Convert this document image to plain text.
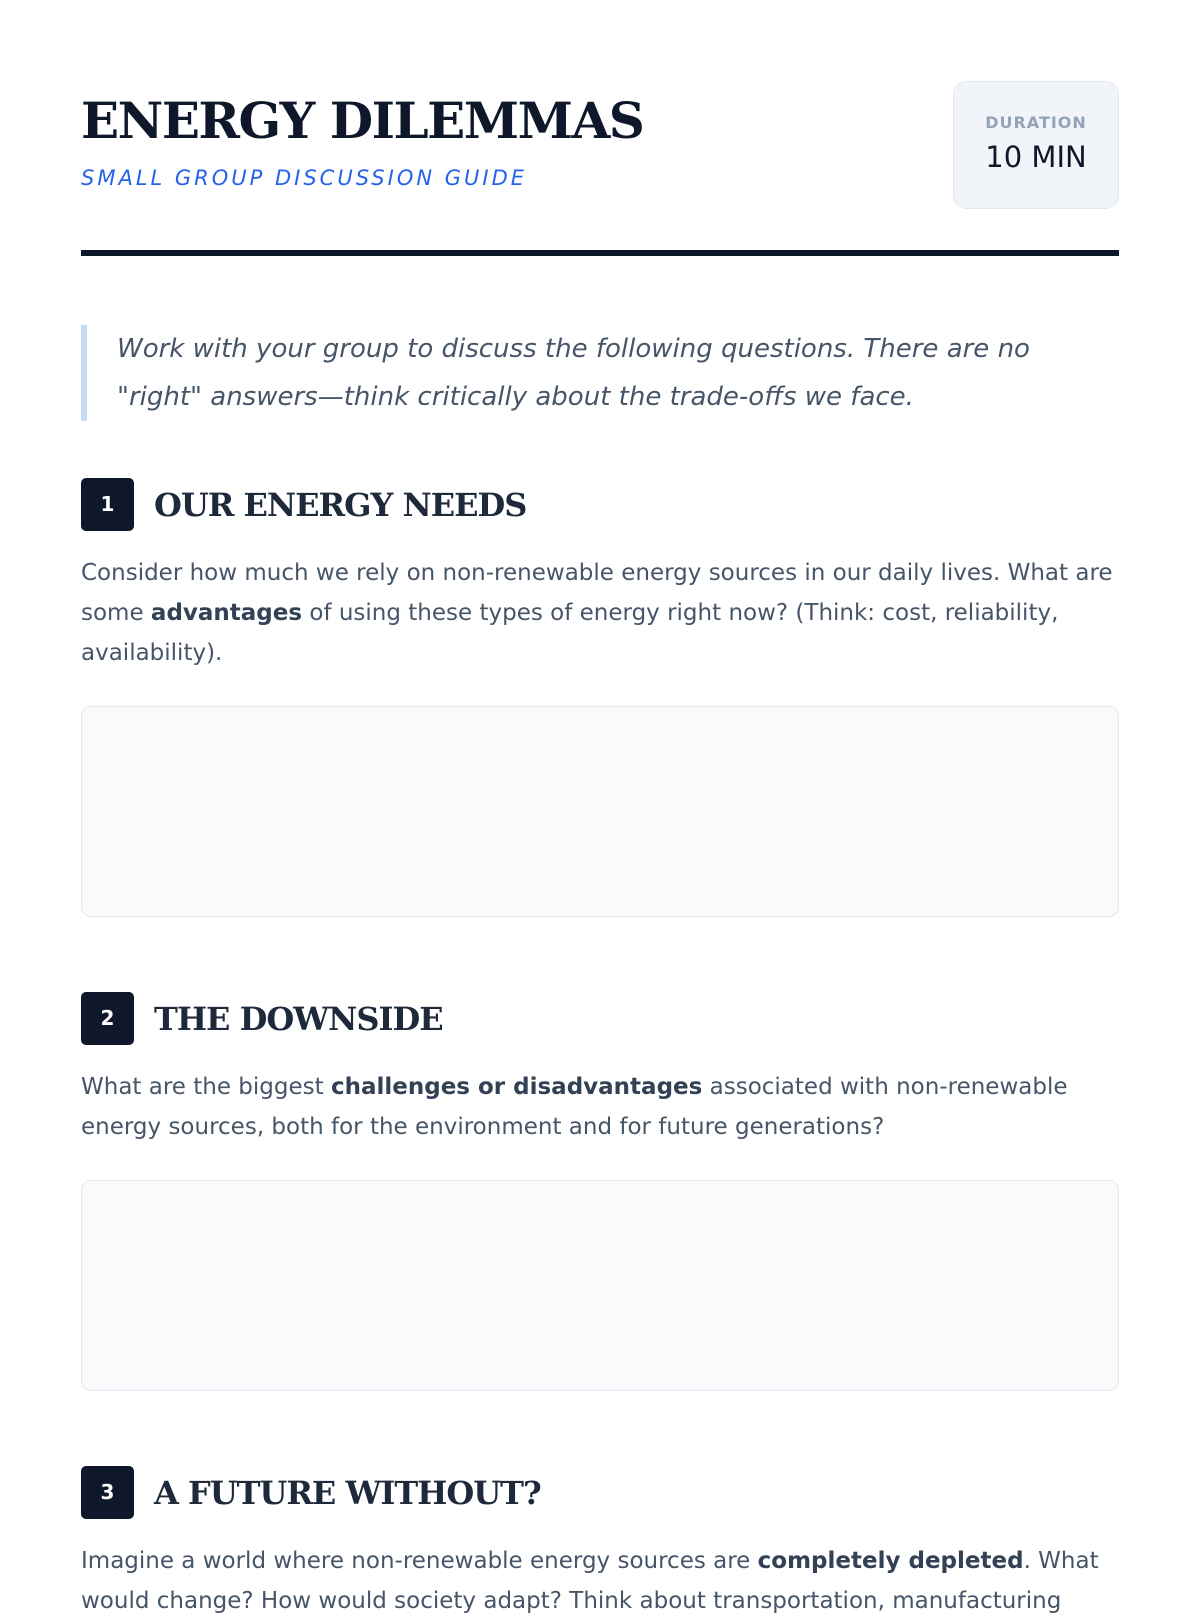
ENERGY DILEMMAS
SMALL GROUP DISCUSSION GUIDE
DURATION
10 MIN
Work with your group to discuss the following questions. There are no "right" answers—think critically about the trade-offs we face.
1	OUR ENERGY NEEDS

Consider how much we rely on non-renewable energy sources in our daily lives. What are some advantages of using these types of energy right now? (Think: cost, reliability, availability).

2	THE DOWNSIDE

What are the biggest challenges or disadvantages associated with non-renewable energy sources, both for the environment and for future generations?

3	A FUTURE WITHOUT?

Imagine a world where non-renewable energy sources are completely depleted. What would change? How would society adapt? Think about transportation, manufacturing
